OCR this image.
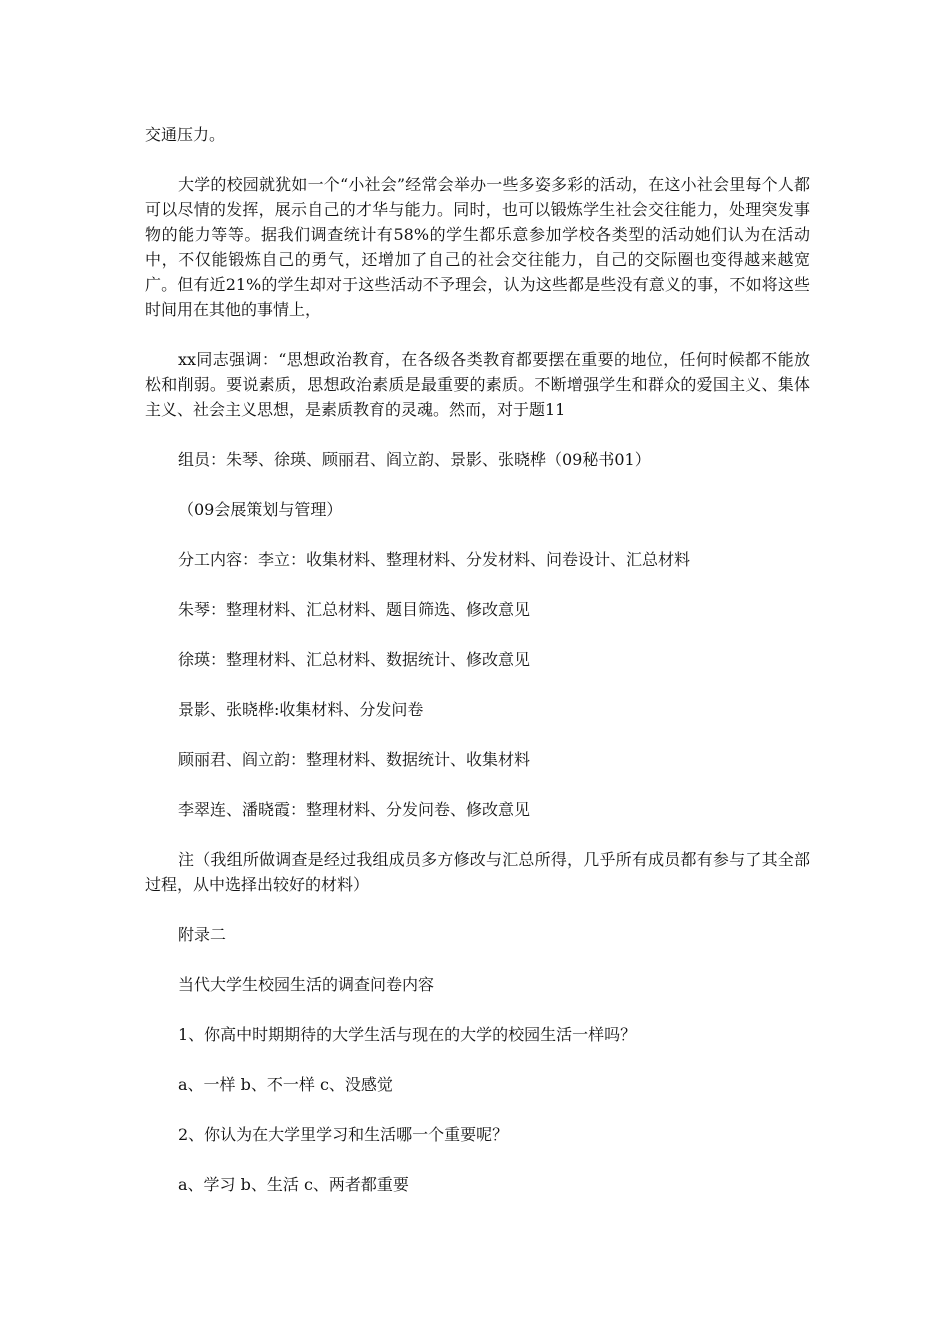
交通压力。

大学的校园就犹如一个“小社会”经常会举办一些多姿多彩的活动，在这小社会里每个人都可以尽情的发挥，展示自己的才华与能力。同时，也可以锻炼学生社会交往能力，处理突发事物的能力等等。据我们调查统计有58%的学生都乐意参加学校各类型的活动她们认为在活动中，不仅能锻炼自己的勇气，还增加了自己的社会交往能力，自己的交际圈也变得越来越宽广。但有近21%的学生却对于这些活动不予理会，认为这些都是些没有意义的事，不如将这些时间用在其他的事情上，

xx同志强调：“思想政治教育，在各级各类教育都要摆在重要的地位，任何时候都不能放松和削弱。要说素质，思想政治素质是最重要的素质。不断增强学生和群众的爱国主义、集体主义、社会主义思想，是素质教育的灵魂。然而，对于题11

组员：朱琴、徐瑛、顾丽君、阎立韵、景影、张晓桦（09秘书01）

（09会展策划与管理）

分工内容：李立：收集材料、整理材料、分发材料、问卷设计、汇总材料

朱琴：整理材料、汇总材料、题目筛选、修改意见

徐瑛：整理材料、汇总材料、数据统计、修改意见

景影、张晓桦:收集材料、分发问卷

顾丽君、阎立韵：整理材料、数据统计、收集材料

李翠连、潘晓霞：整理材料、分发问卷、修改意见

注（我组所做调查是经过我组成员多方修改与汇总所得，几乎所有成员都有参与了其全部过程，从中选择出较好的材料）

附录二

当代大学生校园生活的调查问卷内容

1、你高中时期期待的大学生活与现在的大学的校园生活一样吗？

a、一样 b、不一样 c、没感觉

2、你认为在大学里学习和生活哪一个重要呢？

a、学习 b、生活 c、两者都重要
